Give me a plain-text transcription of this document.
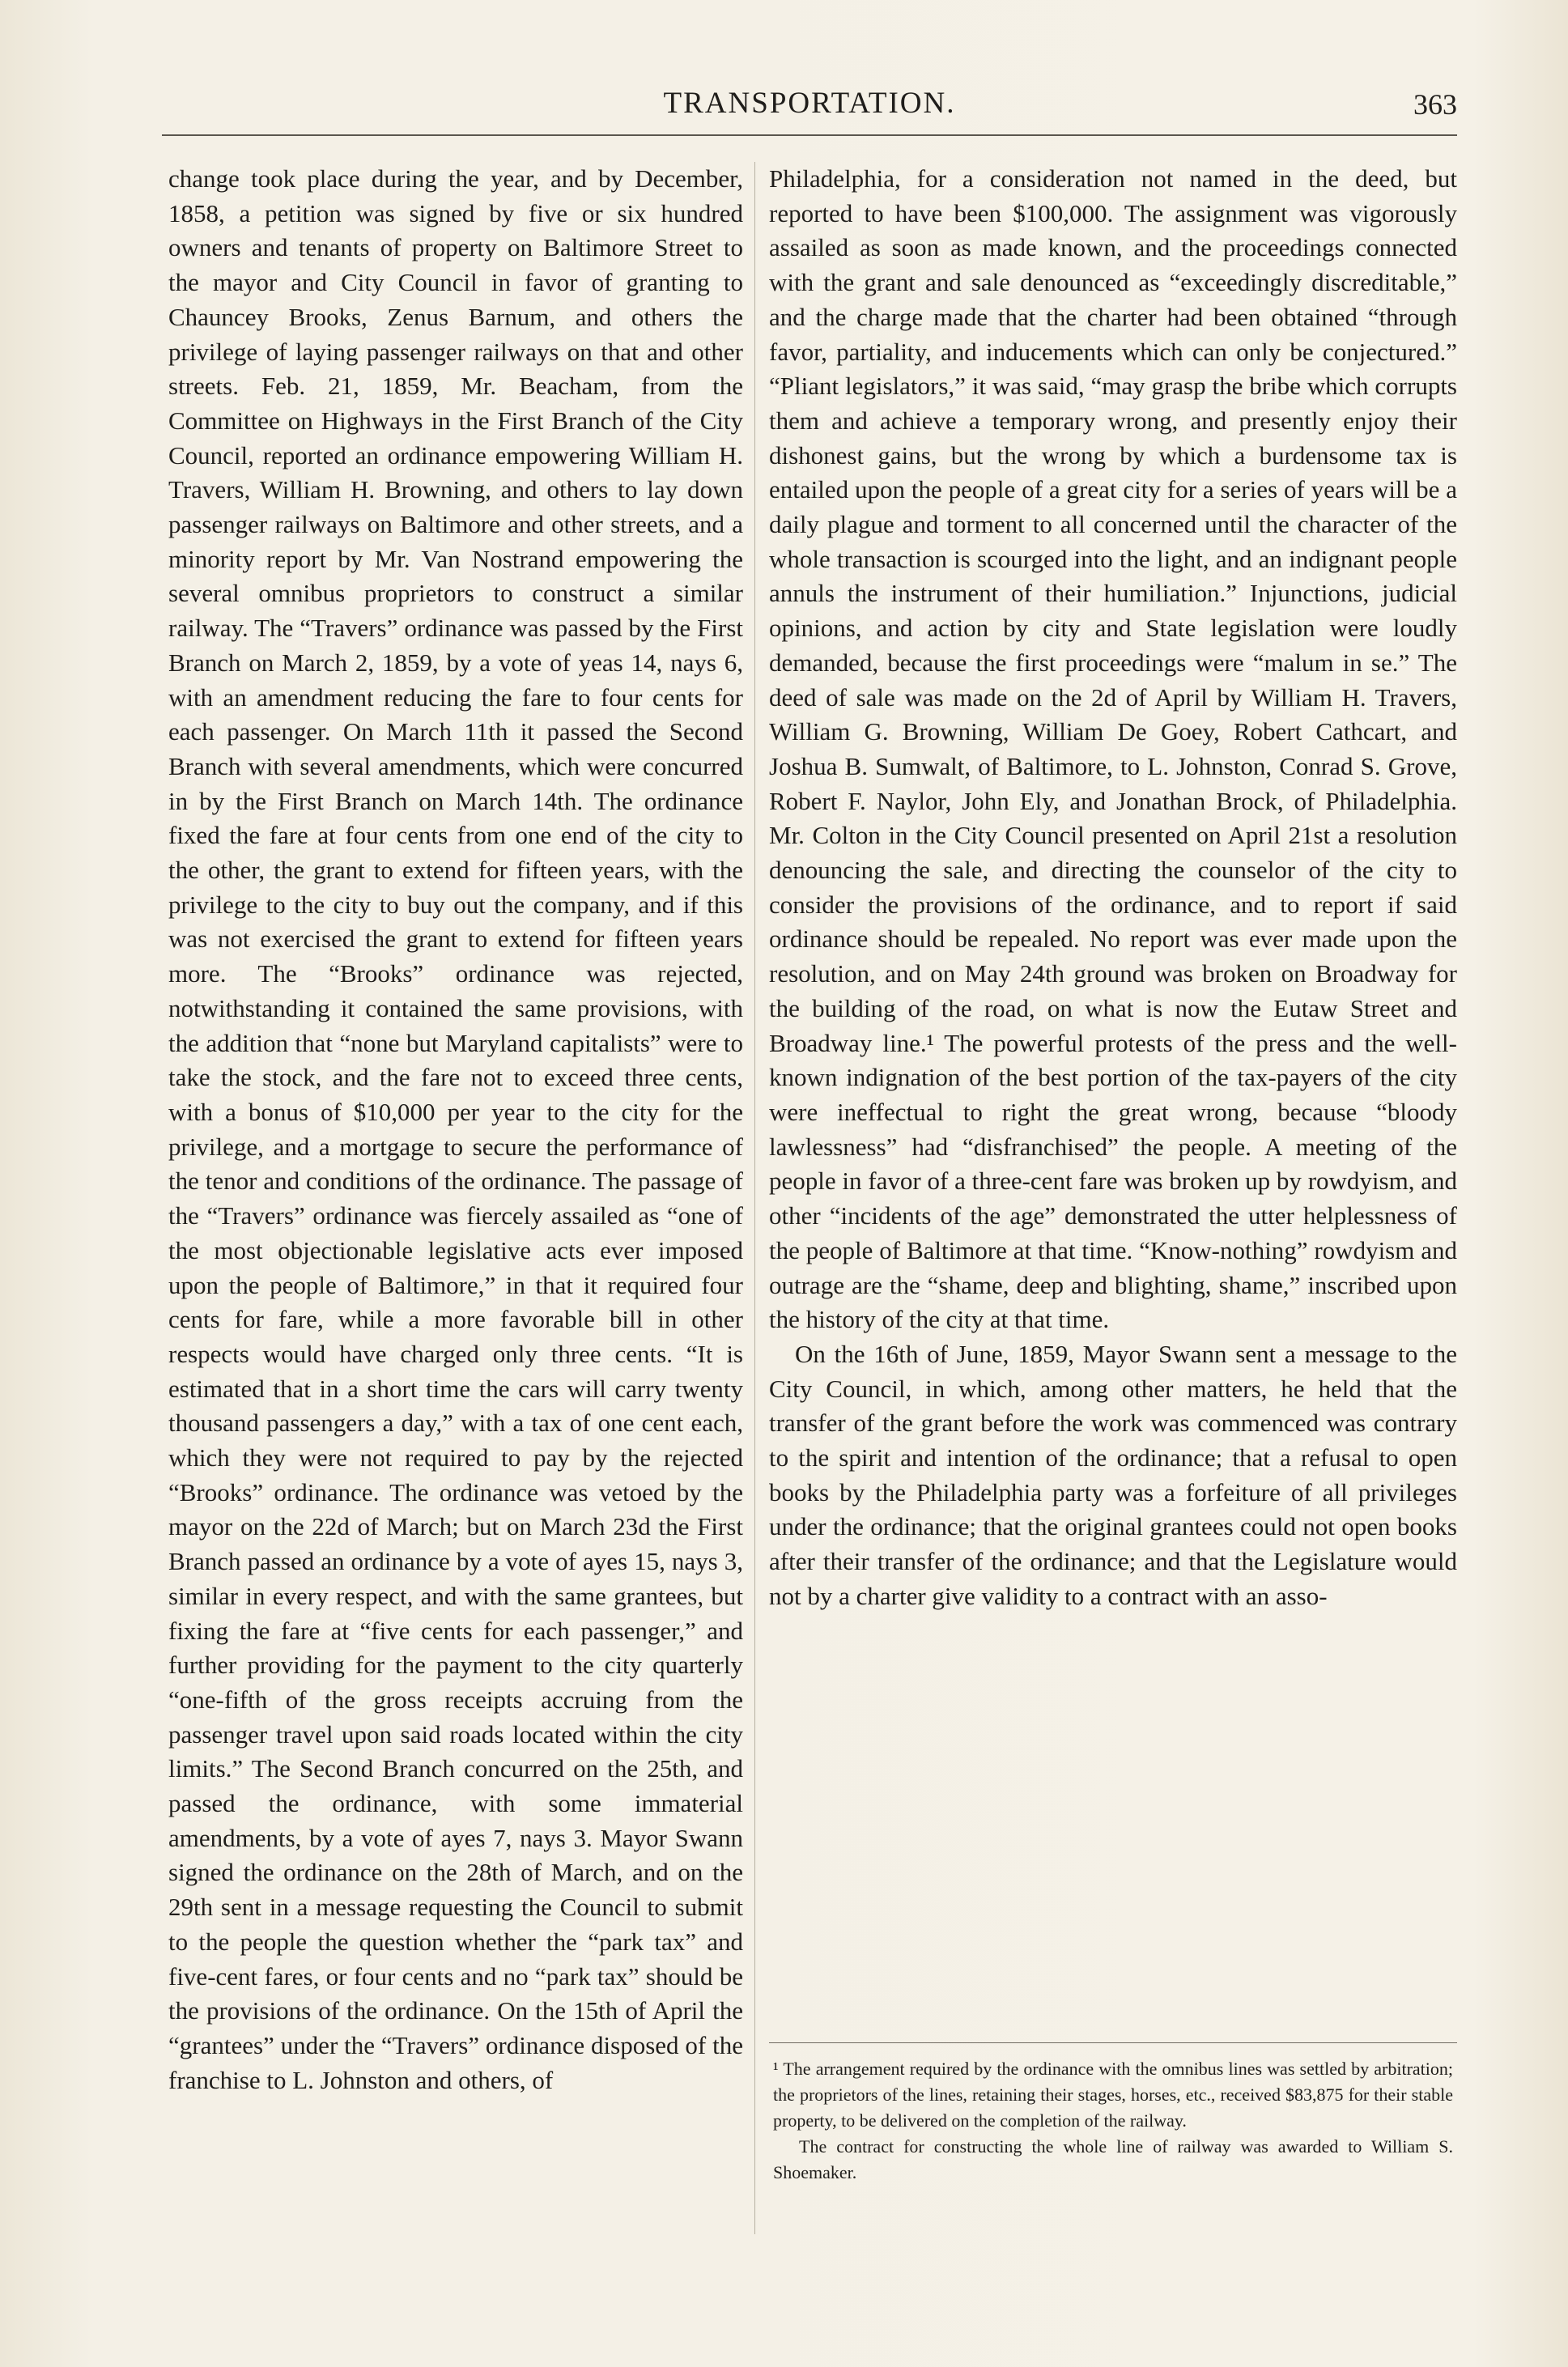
TRANSPORTATION.	363

change took place during the year, and by December, 1858, a petition was signed by five or six hundred owners and tenants of property on Baltimore Street to the mayor and City Council in favor of granting to Chauncey Brooks, Zenus Barnum, and others the privilege of laying passenger railways on that and other streets. Feb. 21, 1859, Mr. Beacham, from the Committee on Highways in the First Branch of the City Council, reported an ordinance empowering William H. Travers, William H. Browning, and others to lay down passenger railways on Baltimore and other streets, and a minority report by Mr. Van Nostrand empowering the several omnibus proprietors to construct a similar railway. The “Travers” ordinance was passed by the First Branch on March 2, 1859, by a vote of yeas 14, nays 6, with an amendment reducing the fare to four cents for each passenger. On March 11th it passed the Second Branch with several amendments, which were concurred in by the First Branch on March 14th. The ordinance fixed the fare at four cents from one end of the city to the other, the grant to extend for fifteen years, with the privilege to the city to buy out the company, and if this was not exercised the grant to extend for fifteen years more. The “Brooks” ordinance was rejected, notwithstanding it contained the same provisions, with the addition that “none but Maryland capitalists” were to take the stock, and the fare not to exceed three cents, with a bonus of $10,000 per year to the city for the privilege, and a mortgage to secure the performance of the tenor and conditions of the ordinance. The passage of the “Travers” ordinance was fiercely assailed as “one of the most objectionable legislative acts ever imposed upon the people of Baltimore,” in that it required four cents for fare, while a more favorable bill in other respects would have charged only three cents. “It is estimated that in a short time the cars will carry twenty thousand passengers a day,” with a tax of one cent each, which they were not required to pay by the rejected “Brooks” ordinance. The ordinance was vetoed by the mayor on the 22d of March; but on March 23d the First Branch passed an ordinance by a vote of ayes 15, nays 3, similar in every respect, and with the same grantees, but fixing the fare at “five cents for each passenger,” and further providing for the payment to the city quarterly “one-fifth of the gross receipts accruing from the passenger travel upon said roads located within the city limits.” The Second Branch concurred on the 25th, and passed the ordinance, with some immaterial amendments, by a vote of ayes 7, nays 3. Mayor Swann signed the ordinance on the 28th of March, and on the 29th sent in a message requesting the Council to submit to the people the question whether the “park tax” and five-cent fares, or four cents and no “park tax” should be the provisions of the ordinance. On the 15th of April the “grantees” under the “Travers” ordinance disposed of the franchise to L. Johnston and others, of

Philadelphia, for a consideration not named in the deed, but reported to have been $100,000. The assignment was vigorously assailed as soon as made known, and the proceedings connected with the grant and sale denounced as “exceedingly discreditable,” and the charge made that the charter had been obtained “through favor, partiality, and inducements which can only be conjectured.” “Pliant legislators,” it was said, “may grasp the bribe which corrupts them and achieve a temporary wrong, and presently enjoy their dishonest gains, but the wrong by which a burdensome tax is entailed upon the people of a great city for a series of years will be a daily plague and torment to all concerned until the character of the whole transaction is scourged into the light, and an indignant people annuls the instrument of their humiliation.” Injunctions, judicial opinions, and action by city and State legislation were loudly demanded, because the first proceedings were “malum in se.” The deed of sale was made on the 2d of April by William H. Travers, William G. Browning, William De Goey, Robert Cathcart, and Joshua B. Sumwalt, of Baltimore, to L. Johnston, Conrad S. Grove, Robert F. Naylor, John Ely, and Jonathan Brock, of Philadelphia. Mr. Colton in the City Council presented on April 21st a resolution denouncing the sale, and directing the counselor of the city to consider the provisions of the ordinance, and to report if said ordinance should be repealed. No report was ever made upon the resolution, and on May 24th ground was broken on Broadway for the building of the road, on what is now the Eutaw Street and Broadway line.¹ The powerful protests of the press and the well-known indignation of the best portion of the tax-payers of the city were ineffectual to right the great wrong, because “bloody lawlessness” had “disfranchised” the people. A meeting of the people in favor of a three-cent fare was broken up by rowdyism, and other “incidents of the age” demonstrated the utter helplessness of the people of Baltimore at that time. “Know-nothing” rowdyism and outrage are the “shame, deep and blighting, shame,” inscribed upon the history of the city at that time.

On the 16th of June, 1859, Mayor Swann sent a message to the City Council, in which, among other matters, he held that the transfer of the grant before the work was commenced was contrary to the spirit and intention of the ordinance; that a refusal to open books by the Philadelphia party was a forfeiture of all privileges under the ordinance; that the original grantees could not open books after their transfer of the ordinance; and that the Legislature would not by a charter give validity to a contract with an asso-

¹ The arrangement required by the ordinance with the omnibus lines was settled by arbitration; the proprietors of the lines, retaining their stages, horses, etc., received $83,875 for their stable property, to be delivered on the completion of the railway.

The contract for constructing the whole line of railway was awarded to William S. Shoemaker.
